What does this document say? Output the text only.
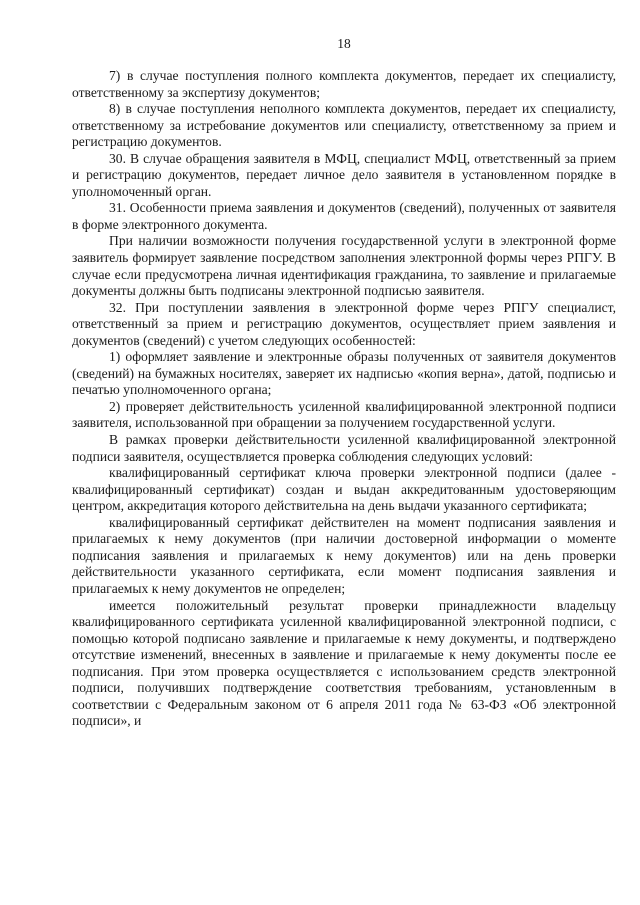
18

7) в случае поступления полного комплекта документов, передает их специалисту, ответственному за экспертизу документов;

8) в случае поступления неполного комплекта документов, передает их специалисту, ответственному за истребование документов или специалисту, ответственному за прием и регистрацию документов.

30. В случае обращения заявителя в МФЦ, специалист МФЦ, ответственный за прием и регистрацию документов, передает личное дело заявителя в установленном порядке в уполномоченный орган.

31. Особенности приема заявления и документов (сведений), полученных от заявителя в форме электронного документа.

При наличии возможности получения государственной услуги в электронной форме заявитель формирует заявление посредством заполнения электронной формы через РПГУ. В случае если предусмотрена личная идентификация гражданина, то заявление и прилагаемые документы должны быть подписаны электронной подписью заявителя.

32. При поступлении заявления в электронной форме через РПГУ специалист, ответственный за прием и регистрацию документов, осуществляет прием заявления и документов (сведений) с учетом следующих особенностей:

1) оформляет заявление и электронные образы полученных от заявителя документов (сведений) на бумажных носителях, заверяет их надписью «копия верна», датой, подписью и печатью уполномоченного органа;

2) проверяет действительность усиленной квалифицированной электронной подписи заявителя, использованной при обращении за получением государственной услуги.

В рамках проверки действительности усиленной квалифицированной электронной подписи заявителя, осуществляется проверка соблюдения следующих условий:

квалифицированный сертификат ключа проверки электронной подписи (далее - квалифицированный сертификат) создан и выдан аккредитованным удостоверяющим центром, аккредитация которого действительна на день выдачи указанного сертификата;

квалифицированный сертификат действителен на момент подписания заявления и прилагаемых к нему документов (при наличии достоверной информации о моменте подписания заявления и прилагаемых к нему документов) или на день проверки действительности указанного сертификата, если момент подписания заявления и прилагаемых к нему документов не определен;

имеется положительный результат проверки принадлежности владельцу квалифицированного сертификата усиленной квалифицированной электронной подписи, с помощью которой подписано заявление и прилагаемые к нему документы, и подтверждено отсутствие изменений, внесенных в заявление и прилагаемые к нему документы после ее подписания. При этом проверка осуществляется с использованием средств электронной подписи, получивших подтверждение соответствия требованиям, установленным в соответствии с Федеральным законом от 6 апреля 2011 года № 63-ФЗ «Об электронной подписи», и
